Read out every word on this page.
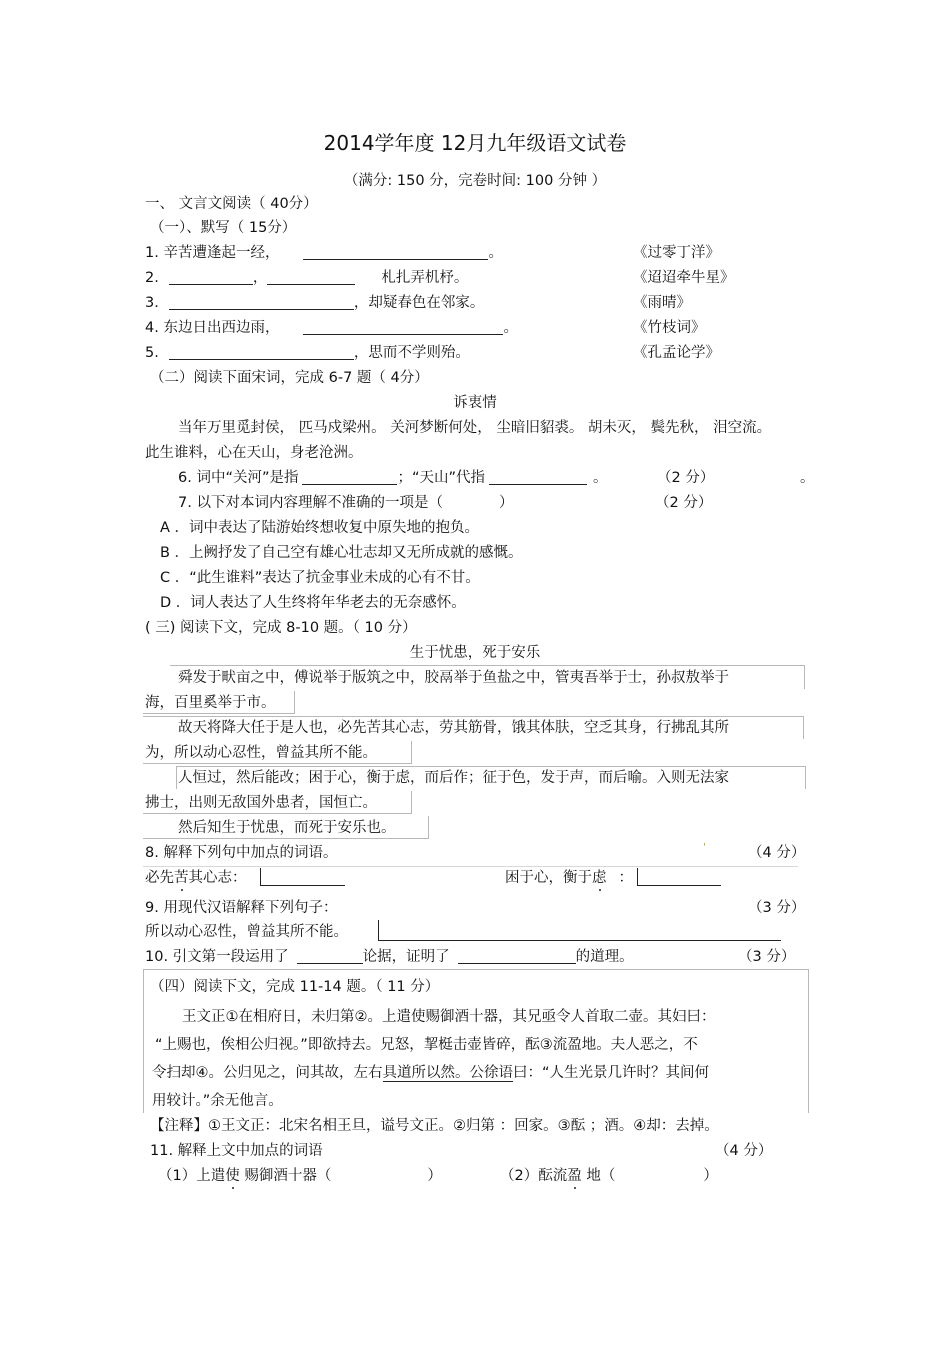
2014学年度 12月九年级语文试卷
（满分: 150 分，完卷时间: 100 分钟 ）
一、 文言文阅读（ 40分）
（一）、默写（ 15分）
1. 辛苦遭逢起一经，	。	《过零丁洋》
2.	，	札扎弄机杼。	《迢迢牵牛星》
3.	，却疑春色在邻家。	《雨晴》
4. 东边日出西边雨，	。	《竹枝词》
5.	，思而不学则殆。	《孔孟论学》
（二）阅读下面宋词，完成 6-7 题（ 4分）
诉衷情
当年万里觅封侯， 匹马戍梁州。 关河梦断何处， 尘暗旧貂裘。 胡未灭， 鬓先秋， 泪空流。
此生谁料，心在天山，身老沧洲。
6. 词中“关河”是指	；“天山”代指	。	（2 分）	。
7. 以下对本词内容理解不准确的一项是（	）	（2 分）
A ．词中表达了陆游始终想收复中原失地的抱负。
B ．上阙抒发了自己空有雄心壮志却又无所成就的感慨。
C ．“此生谁料”表达了抗金事业未成的心有不甘。
D ．词人表达了人生终将年华老去的无奈感怀。
( 三) 阅读下文，完成 8-10 题。（ 10 分）
生于忧患，死于安乐
舜发于畎亩之中，傅说举于版筑之中，胶鬲举于鱼盐之中，管夷吾举于士，孙叔敖举于
海，百里奚举于市。
故天将降大任于是人也，必先苦其心志，劳其筋骨，饿其体肤，空乏其身，行拂乱其所
为，所以动心忍性，曾益其所不能。
人恒过，然后能改；困于心，衡于虑，而后作；征于色，发于声，而后喻。入则无法家
拂士，出则无敌国外患者，国恒亡。
然后知生于忧患，而死于安乐也。
8. 解释下列句中加点的词语。	'	（4 分）
必先苦其心志：	困于心，衡于虑 ：
9. 用现代汉语解释下列句子：	（3 分）
所以动心忍性，曾益其所不能。
10. 引文第一段运用了	论据，证明了	的道理。	（3 分）
（四）阅读下文，完成 11-14 题。（ 11 分）
王文正①在相府日，未归第②。上遣使赐御酒十器，其兄亟令人首取二壶。其妇曰：
“上赐也，俟相公归视。”即欲持去。兄怒，挈梃击壶皆碎，酝③流盈地。夫人恶之，不
令扫却④。公归见之，问其故，左右具道所以然。公徐语曰：“人生光景几许时？其间何
用较计。”余无他言。
【注释】①王文正：北宋名相王旦，谥号文正。②归第 ：回家。③酝 ；酒。④却：去掉。
11. 解释上文中加点的词语	（4 分）
（1）上遣使 赐御酒十器（	）	（2）酝流盈 地（	）
